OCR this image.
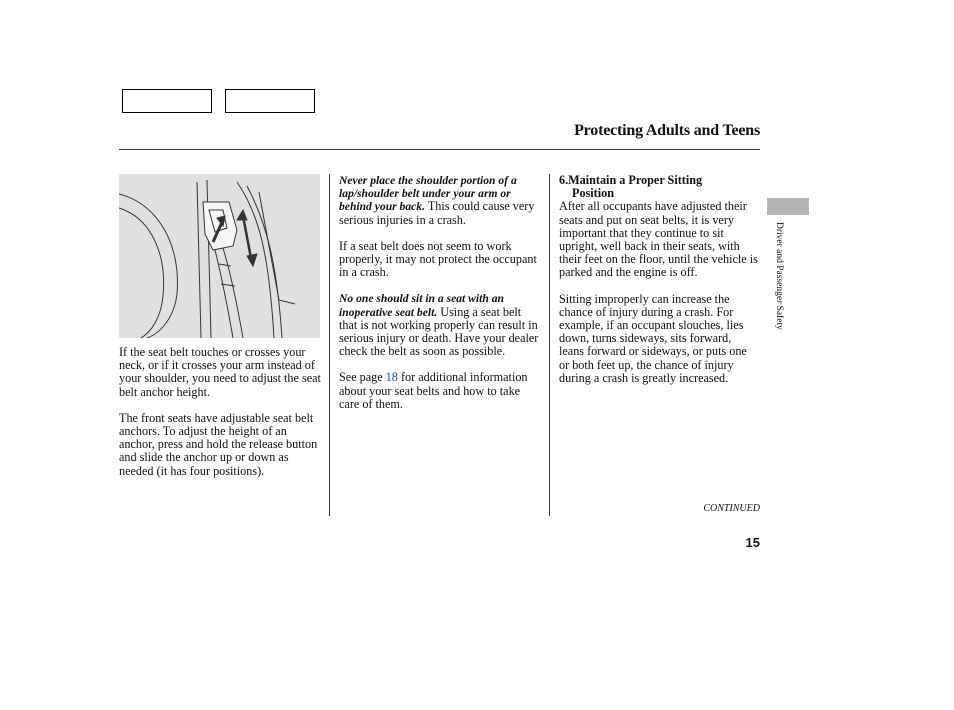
Protecting Adults and Teens

If the seat belt touches or crosses your neck, or if it crosses your arm instead of your shoulder, you need to adjust the seat belt anchor height.

The front seats have adjustable seat belt anchors. To adjust the height of an anchor, press and hold the release button and slide the anchor up or down as needed (it has four positions).

Never place the shoulder portion of a lap/shoulder belt under your arm or behind your back. This could cause very serious injuries in a crash.

If a seat belt does not seem to work properly, it may not protect the occupant in a crash.

No one should sit in a seat with an inoperative seat belt. Using a seat belt that is not working properly can result in serious injury or death. Have your dealer check the belt as soon as possible.

See page 18 for additional information about your seat belts and how to take care of them.

6.Maintain a Proper Sitting
Position

After all occupants have adjusted their seats and put on seat belts, it is very important that they continue to sit upright, well back in their seats, with their feet on the floor, until the vehicle is parked and the engine is off.

Sitting improperly can increase the chance of injury during a crash. For example, if an occupant slouches, lies down, turns sideways, sits forward, leans forward or sideways, or puts one or both feet up, the chance of injury during a crash is greatly increased.

Driver and Passenger Safety
CONTINUED
15
